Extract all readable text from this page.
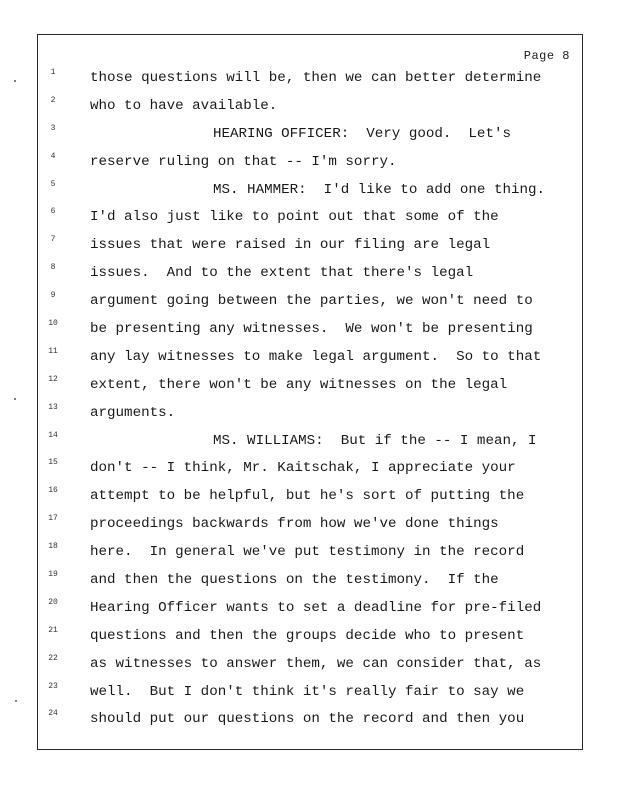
Page 8
1	those questions will be, then we can better determine
2	who to have available.
3	HEARING OFFICER:  Very good.  Let's
4	reserve ruling on that -- I'm sorry.
5	MS. HAMMER:  I'd like to add one thing.
6	I'd also just like to point out that some of the
7	issues that were raised in our filing are legal
8	issues.  And to the extent that there's legal
9	argument going between the parties, we won't need to
10 be presenting any witnesses.  We won't be presenting
11 any lay witnesses to make legal argument.  So to that
12 extent, there won't be any witnesses on the legal
13 arguments.
14	MS. WILLIAMS:  But if the -- I mean, I
15 don't -- I think, Mr. Kaitschak, I appreciate your
16 attempt to be helpful, but he's sort of putting the
17 proceedings backwards from how we've done things
18 here.  In general we've put testimony in the record
19 and then the questions on the testimony.  If the
20 Hearing Officer wants to set a deadline for pre-filed
21 questions and then the groups decide who to present
22 as witnesses to answer them, we can consider that, as
23 well.  But I don't think it's really fair to say we
24 should put our questions on the record and then you
